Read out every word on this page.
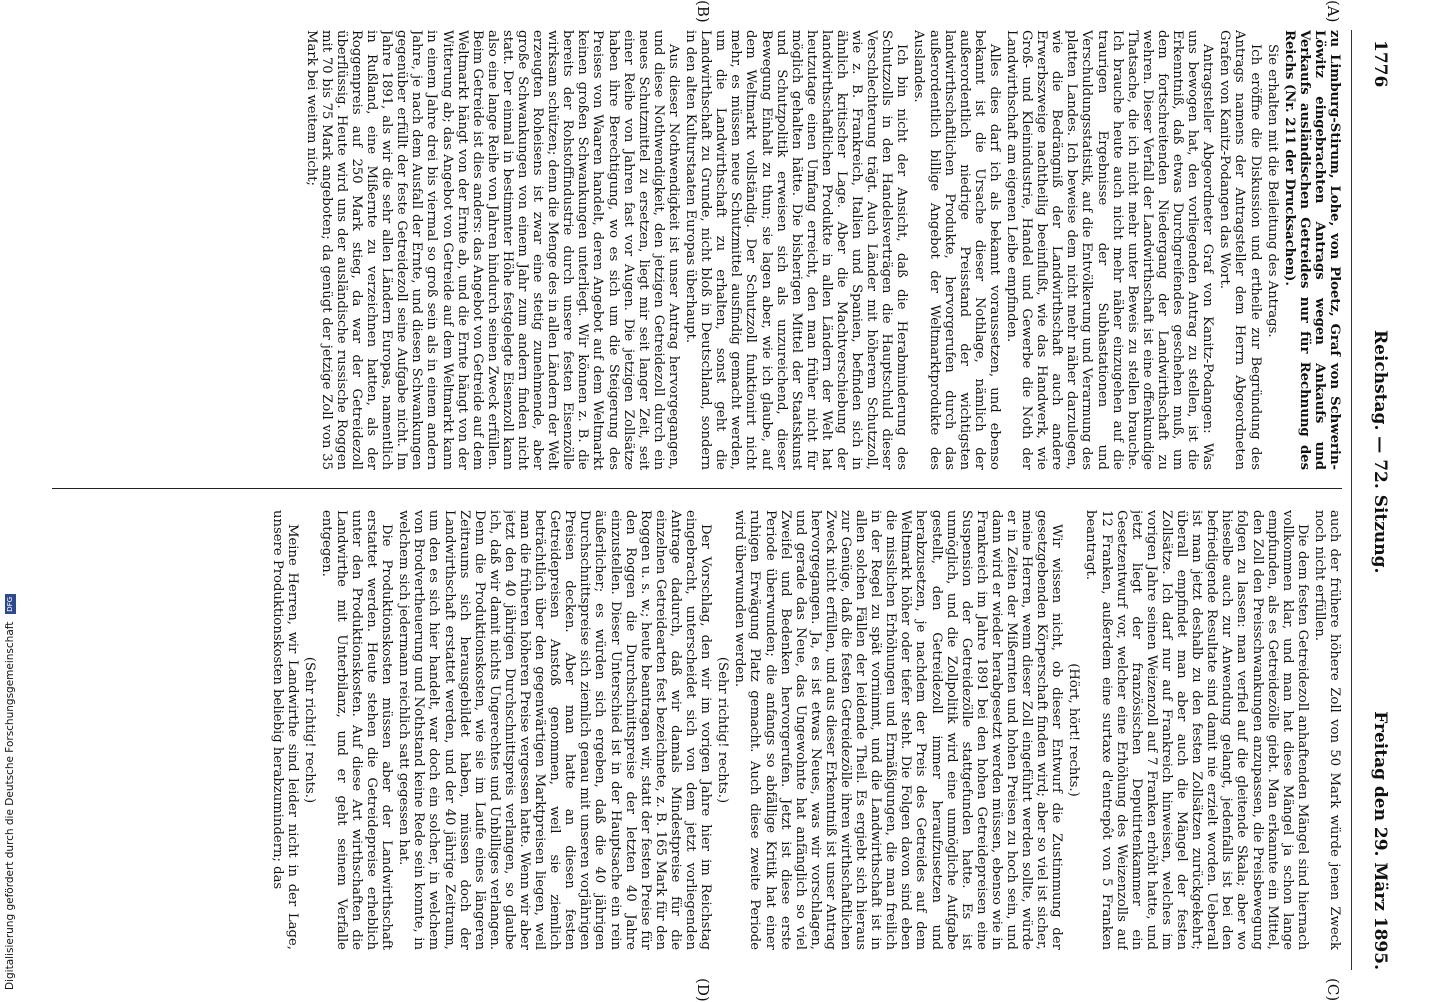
1776
Reichstag. — 72. Sitzung.
Freitag den 29. März 1895.
(A)
(B)
(C)
(D)

zu Limburg-Stirum, Lohe, von Ploetz, Graf von Schwerin-Löwitz eingebrachten Antrags wegen Ankaufs und Verkaufs ausländischen Getreides nur für Rechnung des Reichs (Nr. 211 der Drucksachen).

Sie erhalten mit die Beileitung des Antrags.

Ich eröffne die Diskussion und ertheile zur Begründung des Antrags namens der Antragsteller dem Herrn Abgeordneten Grafen von Kanitz-Podangen das Wort.

Antragsteller Abgeordneter Graf von Kanitz-Podangen: Was uns bewogen hat, den vorliegenden Antrag zu stellen, ist die Erkenntniß, daß etwas Durchgreifendes geschehen muß, um dem fortschreitenden Niedergang der Landwirthschaft zu wehren. Dieser Verfall der Landwirthschaft ist eine offenkundige Thatsache, die ich nicht mehr unter Beweis zu stellen brauche. Ich brauche heute auch nicht mehr näher einzugehen auf die traurigen Ergebnisse der Subhastationen und Verschuldungsstatistik, auf die Entvölkerung und Verarmung des platten Landes. Ich beweise dem nicht mehr näher darzulegen, wie die Bedrängniß der Landwirthschaft auch andere Erwerbszweige nachtheilig beeinflußt, wie das Handwerk, wie Groß- und Kleinindustrie, Handel und Gewerbe die Noth der Landwirthschaft am eigenen Leibe empfinden.

Alles dies darf ich als bekannt voraussetzen, und ebenso bekannt ist die Ursache dieser Nothlage, nämlich der außerordentlich niedrige Preisstand der wichtigsten landwirthschaftlichen Produkte, hervorgerufen durch das außerordentlich billige Angebot der Weltmarktprodukte des Auslandes.

Ich bin nicht der Ansicht, daß die Herabminderung des Schutzzolls in den Handelsverträgen die Hauptschuld dieser Verschlechterung trägt. Auch Länder mit höherem Schutzzoll, wie z. B. Frankreich, Italien und Spanien, befinden sich in ähnlich kritischer Lage. Aber die Machtverschiebung der landwirthschaftlichen Produkte in allen Ländern der Welt hat heutzutage einen Umfang erreicht, den man früher nicht für möglich gehalten hätte. Die bisherigen Mittel der Staatskunst und Schutzpolitik erweisen sich als unzureichend, dieser Bewegung Einhalt zu thun; sie lagen aber, wie ich glaube, auf dem Weltmarkt vollständig. Der Schutzzoll funktionirt nicht mehr, es müssen neue Schutzmittel ausfindig gemacht werden, um die Landwirthschaft zu erhalten, sonst geht die Landwirthschaft zu Grunde, nicht bloß in Deutschland, sondern in den alten Kulturstaaten Europas überhaupt.

Aus dieser Nothwendigkeit ist unser Antrag hervorgegangen, und diese Nothwendigkeit, den jetzigen Getreidezoll durch ein neues Schutzmittel zu ersetzen, liegt mir seit langer Zeit, seit einer Reihe von Jahren fast vor Augen. Die jetzigen Zollsätze haben ihre Berechtigung, wo es sich um die Steigerung des Preises von Waaren handelt, deren Angebot auf dem Weltmarkt keinen großen Schwankungen unterliegt. Wir können z. B. die bereits der Rohstoffindustrie durch unsere festen Eisenzölle wirksam schützen; denn die Menge des in allen Ländern der Welt erzeugten Roheisens ist zwar eine stetig zunehmende, aber große Schwankungen von einem Jahr zum andern finden nicht statt. Der einmal in bestimmter Höhe festgelegte Eisenzoll kann also eine lange Reihe von Jahren hindurch seinen Zweck erfüllen. Beim Getreide ist dies anders: das Angebot von Getreide auf dem Weltmarkt hängt von der Ernte ab, und die Ernte hängt von der Witterung ab; das Angebot von Getreide auf dem Weltmarkt kann in einem Jahre drei bis viermal so groß sein als in einem andern Jahre, je nach dem Ausfall der Ernte, und diesen Schwankungen gegenüber erfüllt der feste Getreidezoll seine Aufgabe nicht. Im Jahre 1891, als wir die sehr allen Ländern Europas, namentlich in Rußland, eine Mißernte zu verzeichnen hatten, als der Roggenpreis auf 250 Mark stieg, da war der Getreidezoll überflüssig. Heute wird uns der ausländische russische Roggen mit 70 bis 75 Mark angeboten; da genügt der jetzige Zoll von 35 Mark bei weitem nicht;

auch der frühere höhere Zoll von 50 Mark würde jenen Zweck noch nicht erfüllen.

Die dem festen Getreidezoll anhaftenden Mängel sind hiernach vollkommen klar, und man hat diese Mängel ja schon lange empfunden, als es Getreidezölle giebt. Man erkannte ein Mittel, den Zoll den Preisschwankungen anzupassen, die Preisbewegung folgen zu lassen: man verfiel auf die gleitende Skala; aber wo hieselbe auch zur Anwendung gelangt, jedenfalls ist bei den befriedigende Resultate sind damit nie erzielt worden. Ueberall ist man jetzt deshalb zu den festen Zollsätzen zurückgekehrt; überall empfindet man aber auch die Mängel der festen Zollsätze. Ich darf nur auf Frankreich hinweisen, welches im vorigen Jahre seinen Weizenzoll auf 7 Franken erhöht hatte, und jetzt liegt der französischen Deputirtenkammer ein Gesetzentwurf vor, welcher eine Erhöhung des Weizenzolls auf 12 Franken, außerdem eine surtaxe d'entrepôt von 5 Franken beantragt.

(Hört, hört! rechts.)

Wir wissen nicht, ob dieser Entwurf die Zustimmung der gesetzgebenden Körperschaft finden wird; aber so viel ist sicher, meine Herren, wenn dieser Zoll eingeführt werden sollte, würde er in Zeiten der Mißernten und hohen Preisen zu hoch sein, und dann wird er wieder herabgesetzt werden müssen, ebenso wie in Frankreich im Jahre 1891 bei den hohen Getreidepreisen eine Suspension der Getreidezölle stattgefunden hatte. Es ist unmöglich, und die Zollpolitik wird eine unmögliche Aufgabe gestellt, den Getreidezoll immer heraufzusetzen und herabzusetzen, je nachdem der Preis des Getreides auf dem Weltmarkt höher oder tiefer steht. Die Folgen davon sind eben die misslichen Erhöhungen und Ermäßigungen, die man freilich in der Regel zu spät vornimmt, und die Landwirthschaft ist in allen solchen Fällen der leidende Theil. Es ergiebt sich hieraus zur Genüge, daß die festen Getreidezölle ihren wirthschaftlichen Zweck nicht erfüllen, und aus dieser Erkenntniß ist unser Antrag hervorgegangen. Ja, es ist etwas Neues, was wir vorschlagen, und gerade das Neue, das Ungewohnte hat anfänglich so viel Zweifel und Bedenken hervorgerufen. Jetzt ist diese erste Periode überwunden; die anfangs so abfällige Kritik hat einer ruhigen Erwägung Platz gemacht. Auch diese zweite Periode wird überwunden werden.

(Sehr richtig! rechts.)

Der Vorschlag, den wir im vorigen Jahre hier im Reichstag eingebracht, unterscheidet sich von dem jetzt vorliegenden Antrage dadurch, daß wir damals Mindestpreise für die einzelnen Getreidearten fest bezeichnete, z. B. 165 Mark für den Roggen u. s. w.; heute beantragen wir, statt der festen Preise für den Roggen die Durchschnittspreise der letzten 40 Jahre einzustellen. Dieser Unterschied ist in der Hauptsache ein rein äußerlicher; es würden sich ergeben, daß die 40 jährigen Durchschnittspreise sich ziemlich genau mit unseren vorjährigen Preisen decken. Aber man hatte an diesen festen Getreidepreisen Anstoß genommen, weil sie ziemlich beträchtlich über den gegenwärtigen Marktpreisen liegen, weil man die früheren höheren Preise vergessen hatte. Wenn wir aber jetzt den 40 jährigen Durchschnittspreis verlangen, so glaube ich, daß wir damit nichts Ungerechtes und Unbilliges verlangen. Denn die Produktionskosten, wie sie im Laufe eines längeren Zeitraums sich herausgebildet haben, müssen doch der Landwirthschaft erstattet werden, und der 40 jährige Zeitraum, um den es sich hier handelt, war doch ein solcher, in welchem von Brodvertheuerung und Nothstand keine Rede sein konnte, in welchem sich jedermann reichlich satt gegessen hat.

Die Produktionskosten müssen aber der Landwirthschaft erstattet werden. Heute stehen die Getreidepreise erheblich unter den Produktionskosten. Auf diese Art wirthschaften die Landwirthe mit Unterbilanz, und er geht seinem Verfalle entgegen.

(Sehr richtig! rechts.)

Meine Herren, wir Landwirthe sind leider nicht in der Lage, unsere Produktionskosten beliebig herabzumindern; das

Digitalisierung gefördert durch die Deutsche Forschungsgemeinschaft DFG
